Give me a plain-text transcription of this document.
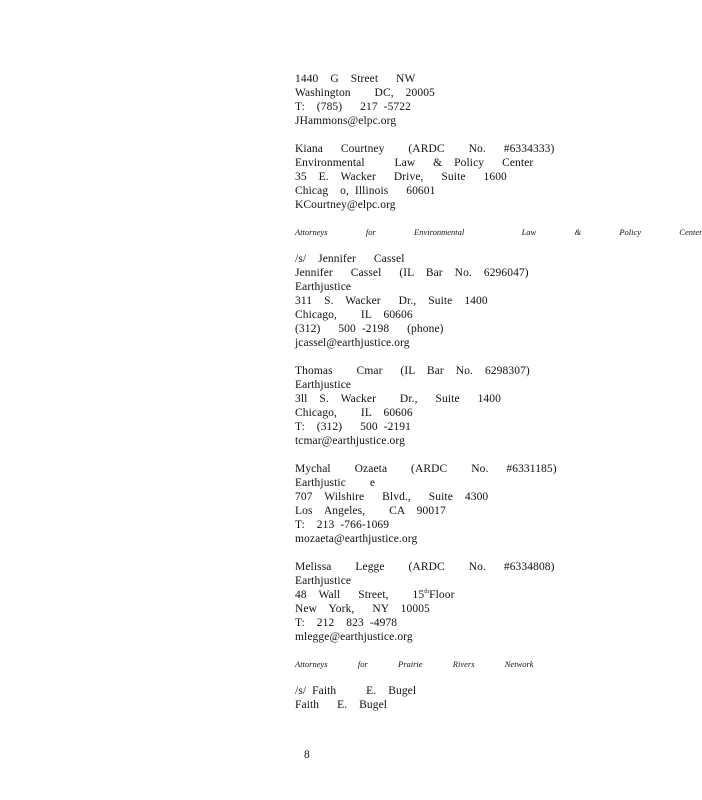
1440  G  Street   NW
Washington    DC,  20005
T:  (785)   217 -5722
JHammons@elpc.org
Kiana   Courtney    (ARDC    No.   #6334333)
Environmental     Law   &  Policy   Center
35  E.  Wacker   Drive,   Suite   1600
Chicag  o, Illinois   60601
KCourtney@elpc.org
Attorneys  for  Environmental   Law  &  Policy  Center
/s/  Jennifer   Cassel
Jennifer   Cassel   (IL  Bar  No.  6296047)
Earthjustice
311  S.  Wacker   Dr.,  Suite  1400
Chicago,    IL  60606
(312)   500 -2198   (phone)
jcassel@earthjustice.org
Thomas    Cmar   (IL  Bar  No.  6298307)
Earthjustice
3ll  S.  Wacker    Dr.,   Suite   1400
Chicago,    IL  60606
T:  (312)   500 -2191
tcmar@earthjustice.org
Mychal    Ozaeta    (ARDC    No.   #6331185)
Earthjustic    e
707  Wilshire   Blvd.,   Suite  4300
Los  Angeles,    CA  90017
T:  213 -766-1069
mozaeta@earthjustice.org
Melissa    Legge    (ARDC    No.   #6334808)
Earthjustice
48  Wall   Street,    15thFloor
New  York,   NY  10005
T:  212  823 -4978
mlegge@earthjustice.org
Attorneys  for  Prairie  Rivers  Network
/s/ Faith     E.  Bugel
Faith   E.  Bugel
8
